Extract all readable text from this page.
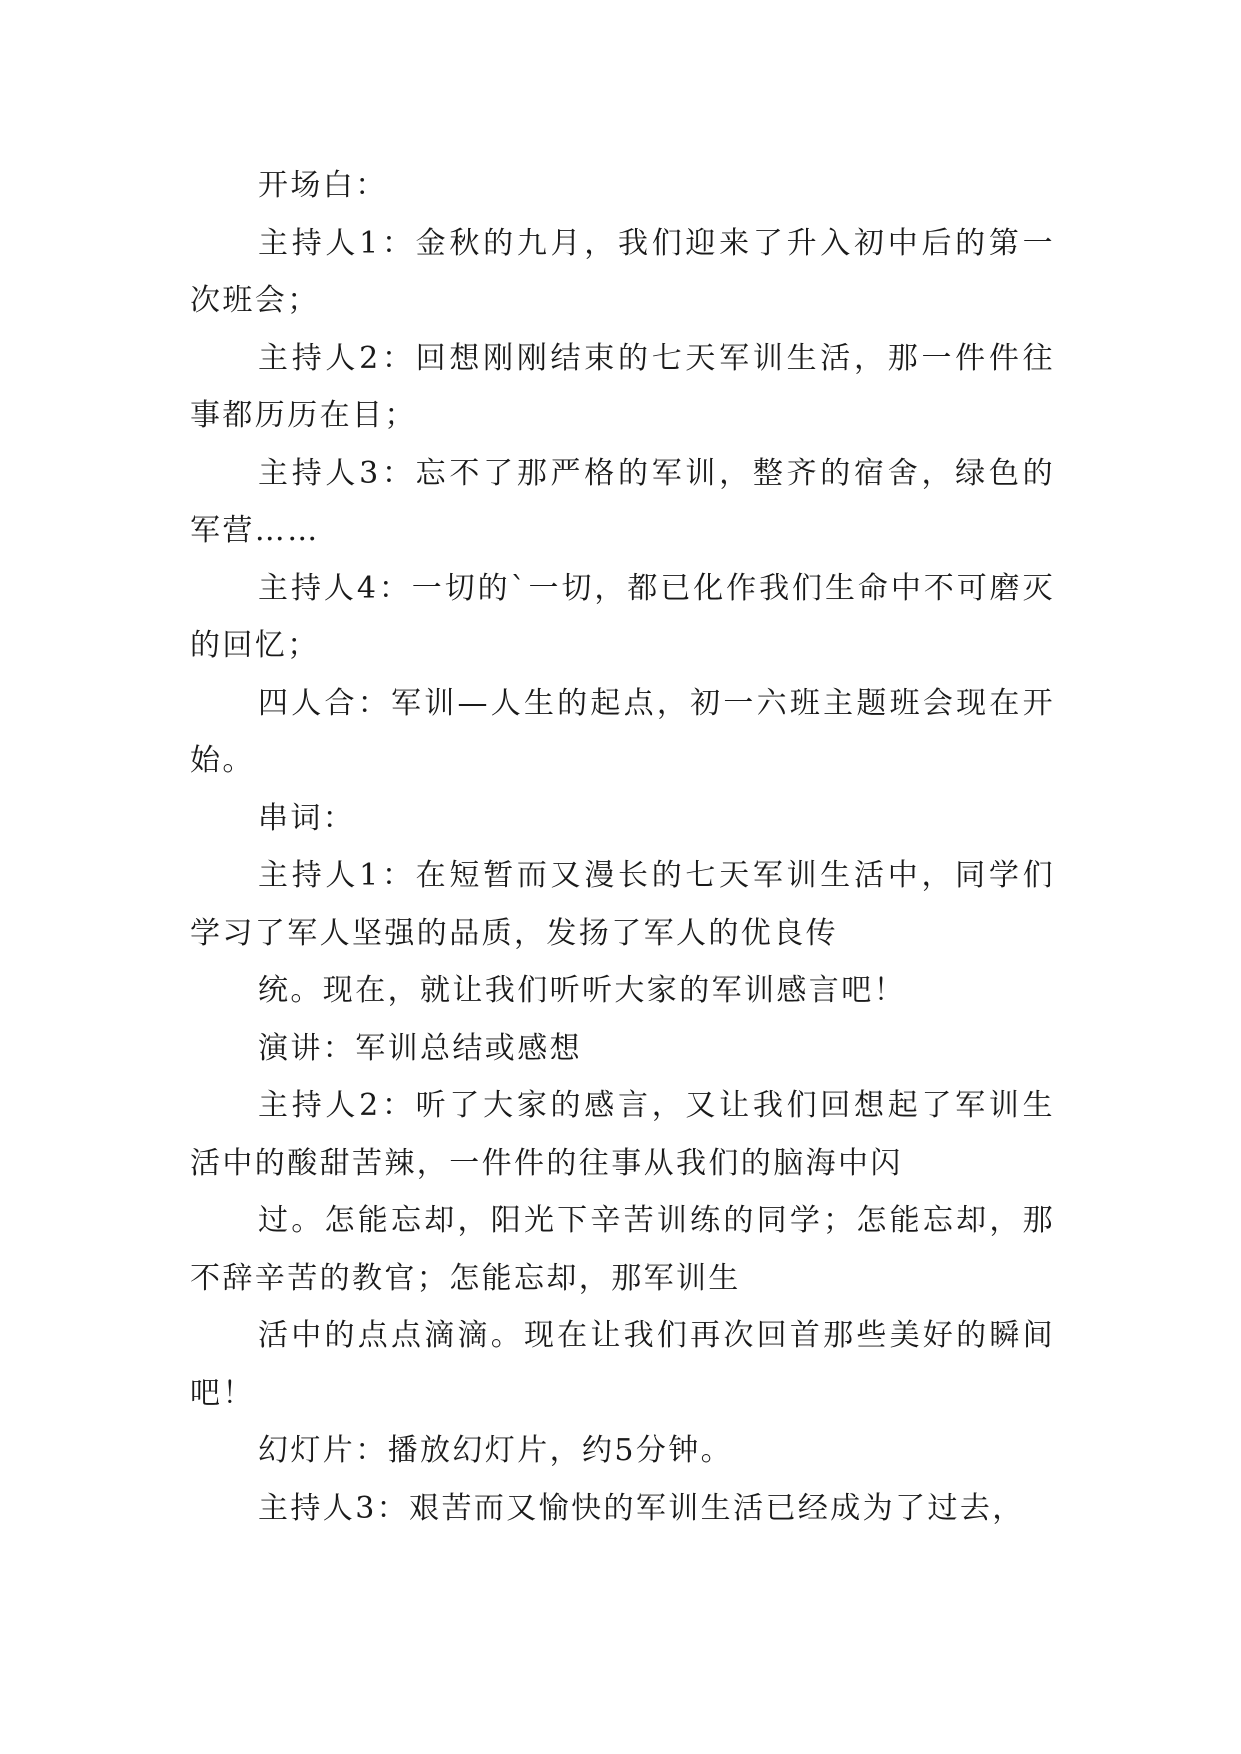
开场白：

主持人1：金秋的九月，我们迎来了升入初中后的第一次班会；

主持人2：回想刚刚结束的七天军训生活，那一件件往事都历历在目；

主持人3：忘不了那严格的军训，整齐的宿舍，绿色的军营……

主持人4：一切的`一切，都已化作我们生命中不可磨灭的回忆；

四人合：军训—人生的起点，初一六班主题班会现在开始。

串词：

主持人1：在短暂而又漫长的七天军训生活中，同学们学习了军人坚强的品质，发扬了军人的优良传

统。现在，就让我们听听大家的军训感言吧！

演讲：军训总结或感想

主持人2：听了大家的感言，又让我们回想起了军训生活中的酸甜苦辣，一件件的往事从我们的脑海中闪

过。怎能忘却，阳光下辛苦训练的同学；怎能忘却，那不辞辛苦的教官；怎能忘却，那军训生

活中的点点滴滴。现在让我们再次回首那些美好的瞬间吧！

幻灯片：播放幻灯片，约5分钟。

主持人3：艰苦而又愉快的军训生活已经成为了过去，
